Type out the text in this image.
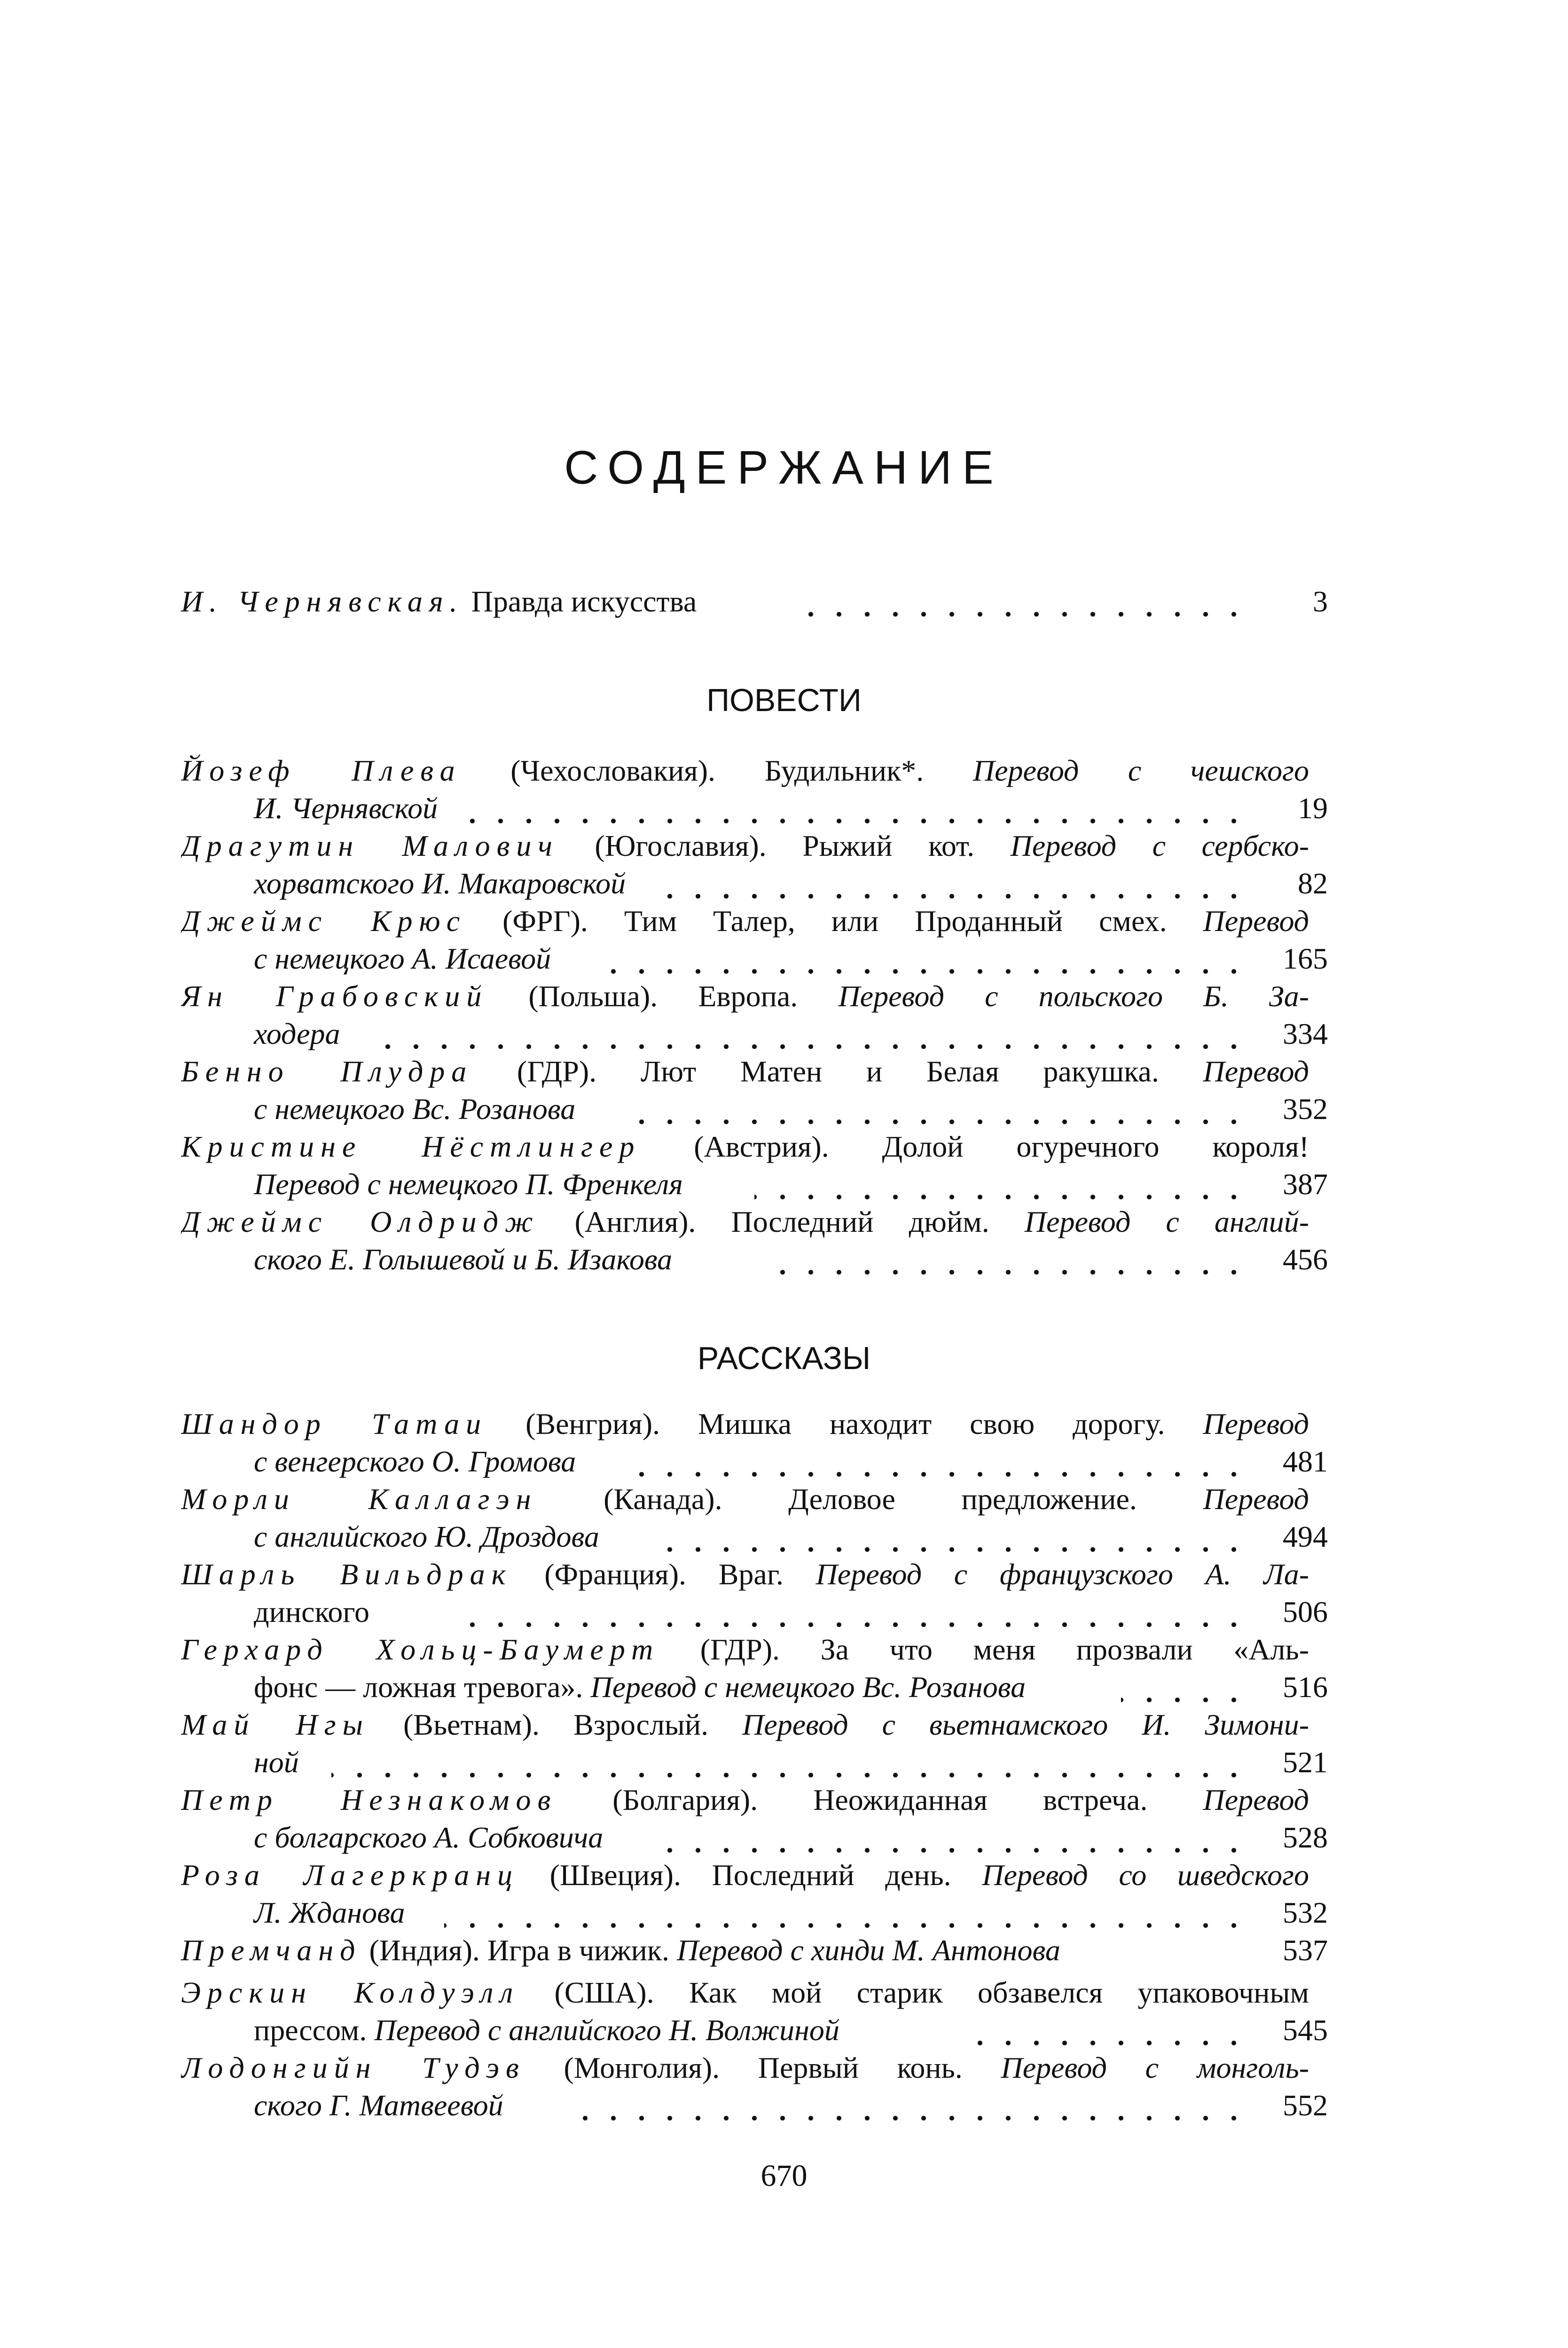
СОДЕРЖАНИЕ
И. Чернявская. Правда искусства	3
ПОВЕСТИ
Йозеф Плева (Чехословакия). Будильник*. Перевод с чешского
И. Чернявской	19
Драгутин Малович (Югославия). Рыжий кот. Перевод с сербско-
хорватского И. Макаровской	82
Джеймс Крюс (ФРГ). Тим Талер, или Проданный смех. Перевод
с немецкого А. Исаевой	165
Ян Грабовский (Польша). Европа. Перевод с польского Б. За-
ходера	334
Бенно Плудра (ГДР). Лют Матен и Белая ракушка. Перевод
с немецкого Вс. Розанова	352
Кристине Нёстлингер (Австрия). Долой огуречного короля!
Перевод с немецкого П. Френкеля	387
Джеймс Олдридж (Англия). Последний дюйм. Перевод с англий-
ского Е. Голышевой и Б. Изакова	456
РАССКАЗЫ
Шандор Татаи (Венгрия). Мишка находит свою дорогу. Перевод
с венгерского О. Громова	481
Морли Каллагэн (Канада). Деловое предложение. Перевод
с английского Ю. Дроздова	494
Шарль Вильдрак (Франция). Враг. Перевод с французского А. Ла-
динского	506
Герхард Хольц-Баумерт (ГДР). За что меня прозвали «Аль-
фонс — ложная тревога». Перевод с немецкого Вс. Розанова	516
Май Нгы (Вьетнам). Взрослый. Перевод с вьетнамского И. Зимони-
ной	521
Петр Незнакомов (Болгария). Неожиданная встреча. Перевод
с болгарского А. Собковича	528
Роза Лагеркранц (Швеция). Последний день. Перевод со шведского
Л. Жданова	532
Премчанд (Индия). Игра в чижик. Перевод с хинди М. Антонова	537
Эрскин Колдуэлл (США). Как мой старик обзавелся упаковочным
прессом. Перевод с английского Н. Волжиной	545
Лодонгийн Тудэв (Монголия). Первый конь. Перевод с монголь-
ского Г. Матвеевой	552
670
